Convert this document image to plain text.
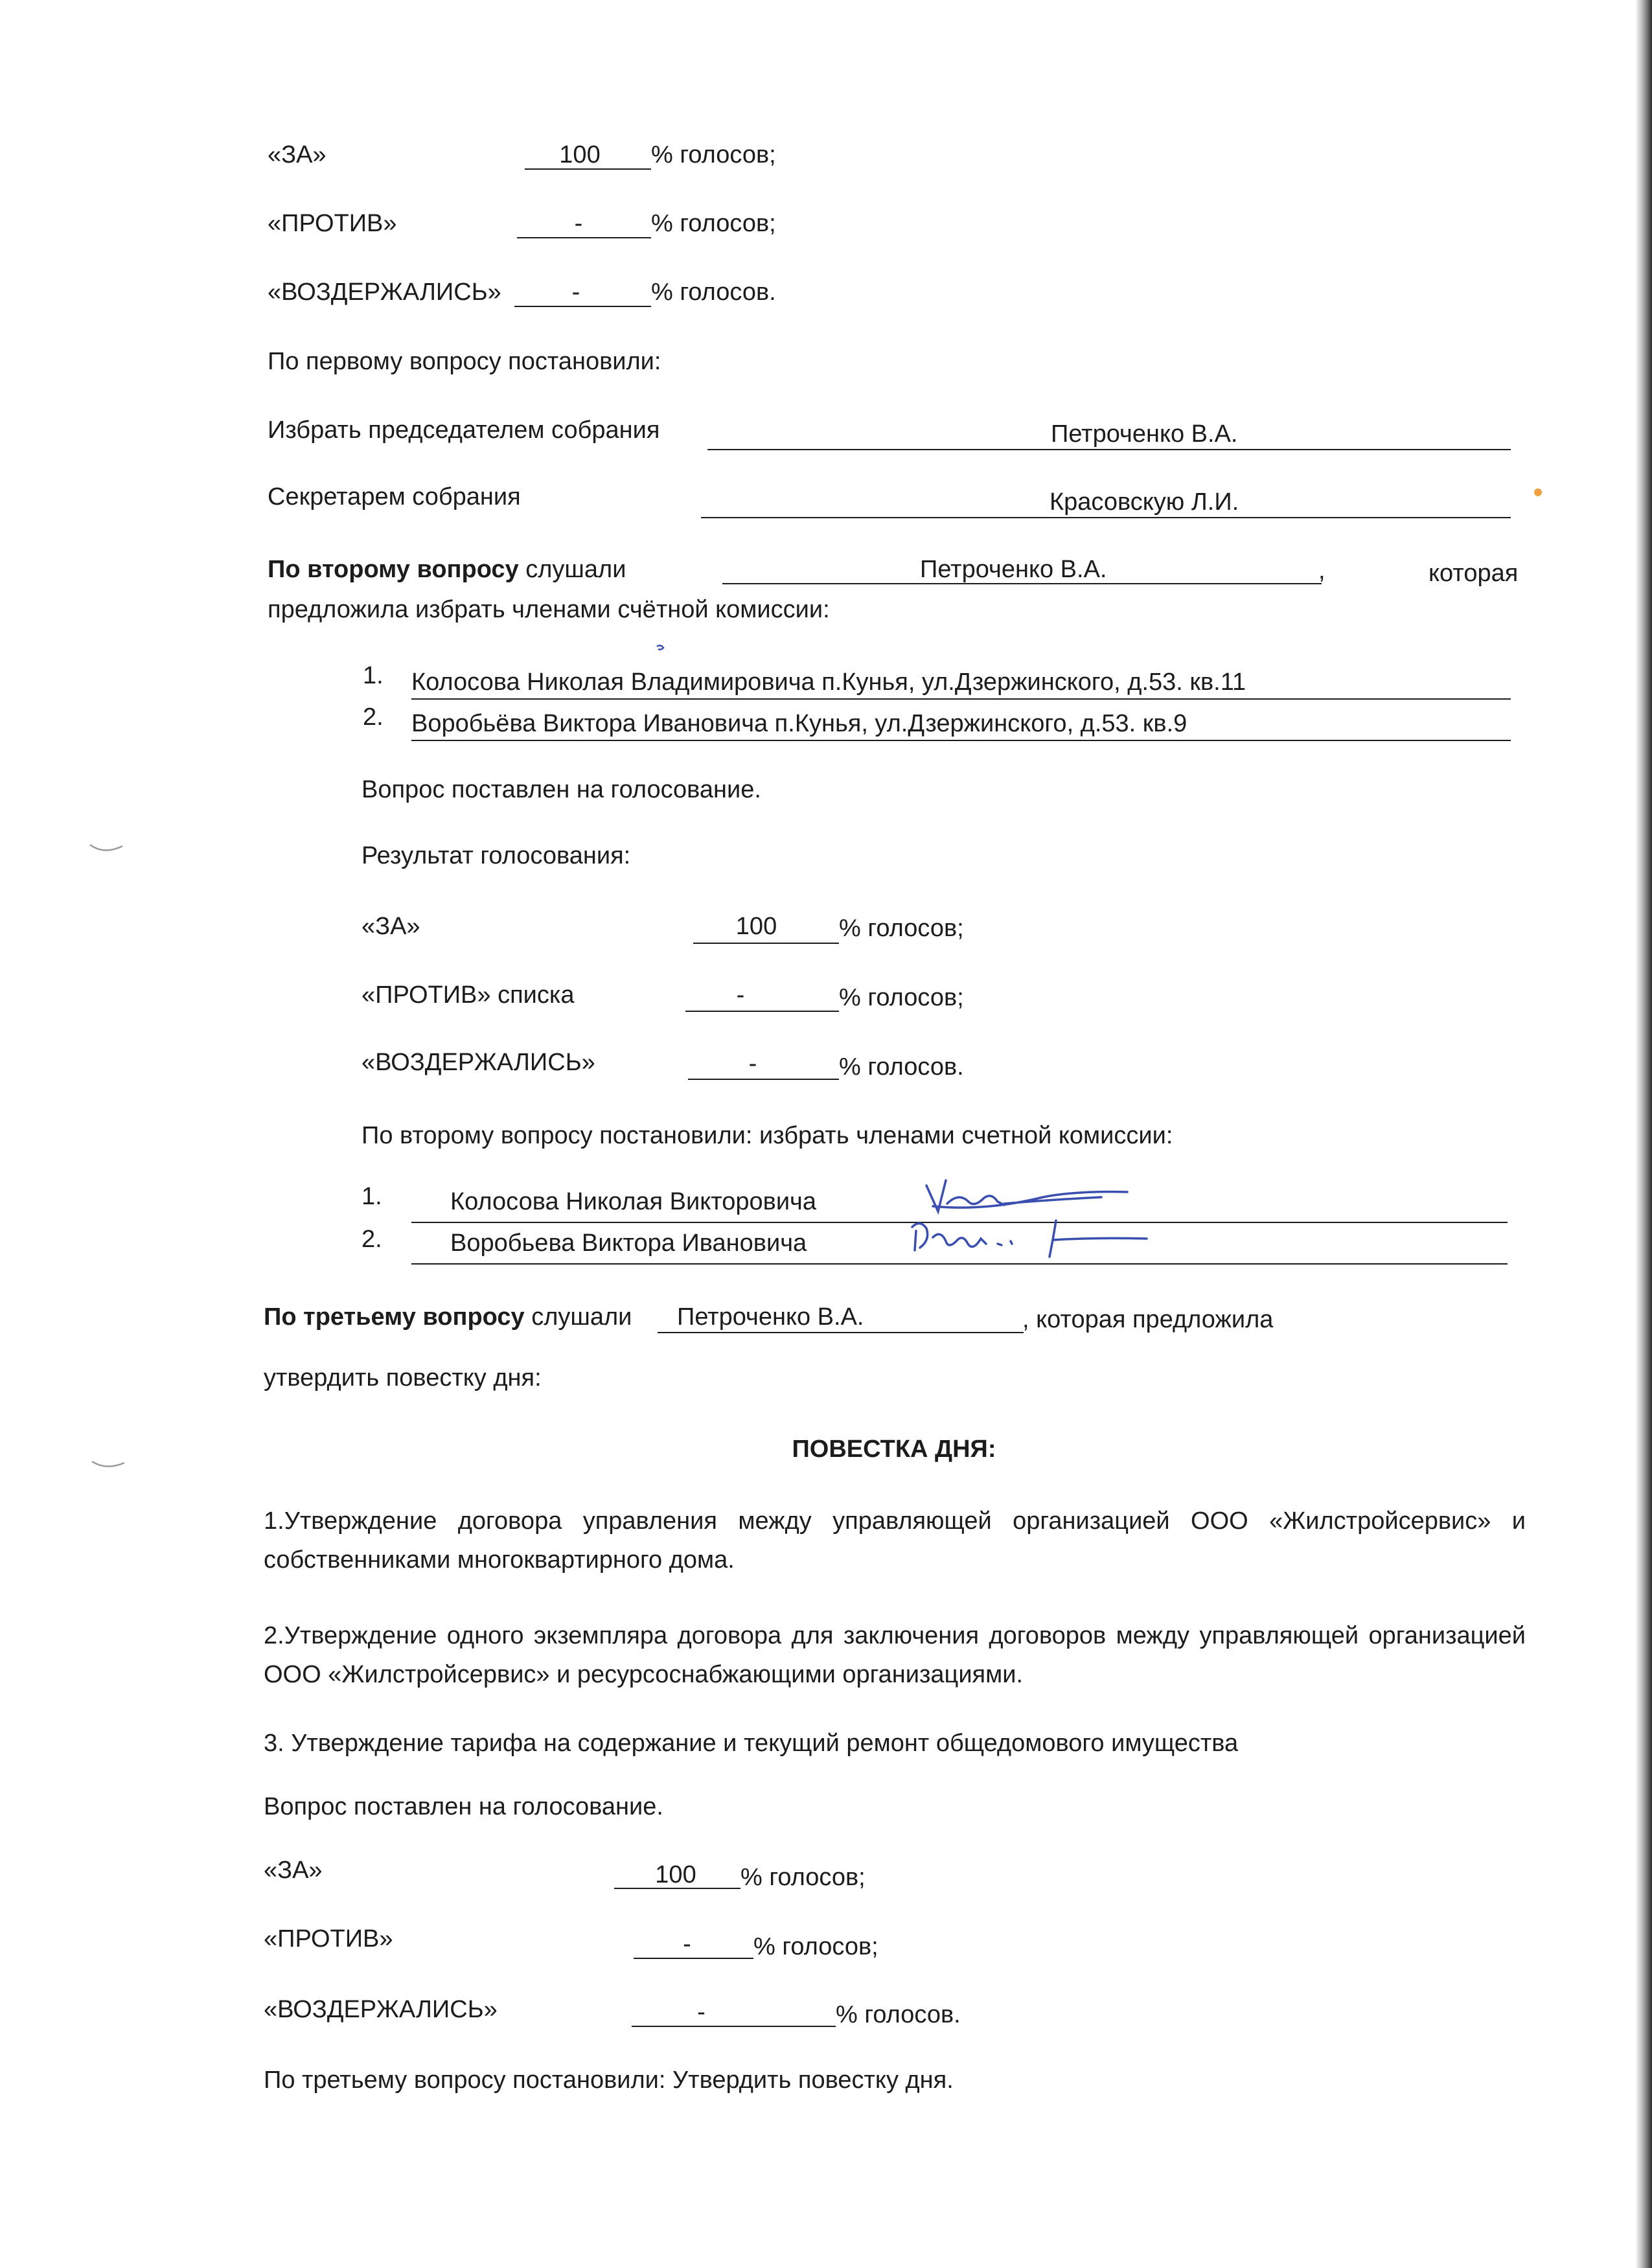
«ЗА»	100	% голосов;
«ПРОТИВ»	-	% голосов;
«ВОЗДЕРЖАЛИСЬ»	-	% голосов.
По первому вопросу постановили:
Избрать председателем собрания	Петроченко В.А.
Секретарем собрания	Красовскую Л.И.
По второму вопросу слушали	Петроченко В.А.	,	которая
предложила избрать членами счётной комиссии:
1. Колосова Николая Владимировича п.Кунья, ул.Дзержинского, д.53. кв.11
2. Воробьёва Виктора Ивановича п.Кунья, ул.Дзержинского, д.53. кв.9
Вопрос поставлен на голосование.
Результат голосования:
«ЗА»	100	% голосов;
«ПРОТИВ» списка	-	% голосов;
«ВОЗДЕРЖАЛИСЬ»	-	% голосов.
По второму вопросу постановили: избрать членами счетной комиссии:
1.	Колосова Николая Викторовича
2.	Воробьева Виктора Ивановича
По третьему вопросу слушали Петроченко В.А.	, которая предложила
утвердить повестку дня:
ПОВЕСТКА ДНЯ:
1.Утверждение договора управления между управляющей организацией ООО «Жилстройсервис» и собственниками многоквартирного дома.
2.Утверждение одного экземпляра договора для заключения договоров между управляющей организацией ООО «Жилстройсервис» и ресурсоснабжающими организациями.
3. Утверждение тарифа на содержание и текущий ремонт общедомового имущества
Вопрос поставлен на голосование.
«ЗА»	100	% голосов;
«ПРОТИВ»	-	% голосов;
«ВОЗДЕРЖАЛИСЬ»	-	% голосов.
По третьему вопросу постановили: Утвердить повестку дня.
